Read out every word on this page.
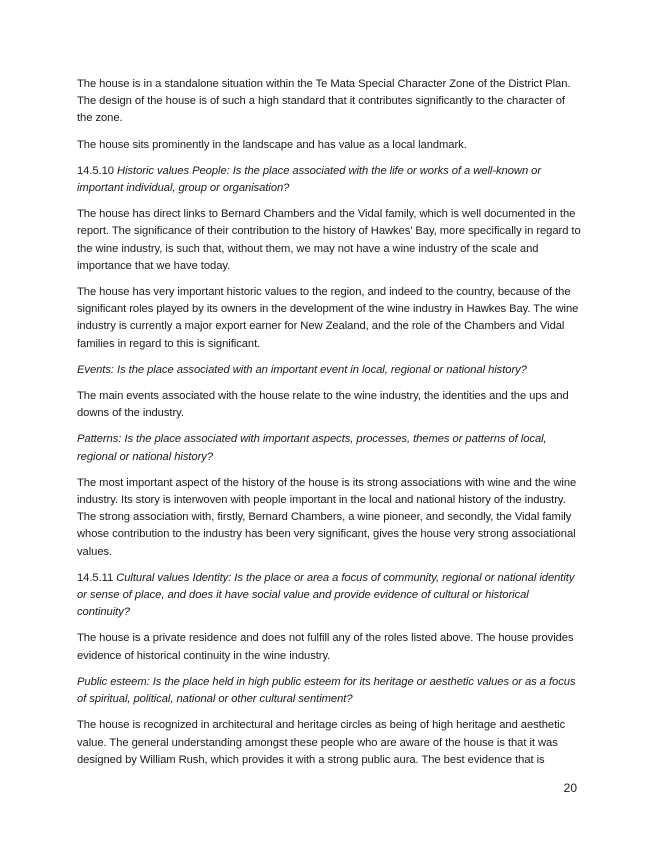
The house is in a standalone situation within the Te Mata Special Character Zone of the District Plan. The design of the house is of such a high standard that it contributes significantly to the character of the zone.

The house sits prominently in the landscape and has value as a local landmark.

14.5.10 Historic values People: Is the place associated with the life or works of a well-known or important individual, group or organisation?

The house has direct links to Bernard Chambers and the Vidal family, which is well documented in the report. The significance of their contribution to the history of Hawkes’ Bay, more specifically in regard to the wine industry, is such that, without them, we may not have a wine industry of the scale and importance that we have today.

The house has very important historic values to the region, and indeed to the country, because of the significant roles played by its owners in the development of the wine industry in Hawkes Bay. The wine industry is currently a major export earner for New Zealand, and the role of the Chambers and Vidal families in regard to this is significant.

Events: Is the place associated with an important event in local, regional or national history?

The main events associated with the house relate to the wine industry, the identities and the ups and downs of the industry.

Patterns: Is the place associated with important aspects, processes, themes or patterns of local, regional or national history?

The most important aspect of the history of the house is its strong associations with wine and the wine industry. Its story is interwoven with people important in the local and national history of the industry. The strong association with, firstly, Bernard Chambers, a wine pioneer, and secondly, the Vidal family whose contribution to the industry has been very significant, gives the house very strong associational values.

14.5.11 Cultural values Identity: Is the place or area a focus of community, regional or national identity or sense of place, and does it have social value and provide evidence of cultural or historical continuity?

The house is a private residence and does not fulfill any of the roles listed above. The house provides evidence of historical continuity in the wine industry.

Public esteem: Is the place held in high public esteem for its heritage or aesthetic values or as a focus of spiritual, political, national or other cultural sentiment?

The house is recognized in architectural and heritage circles as being of high heritage and aesthetic value. The general understanding amongst these people who are aware of the house is that it was designed by William Rush, which provides it with a strong public aura. The best evidence that is

20
